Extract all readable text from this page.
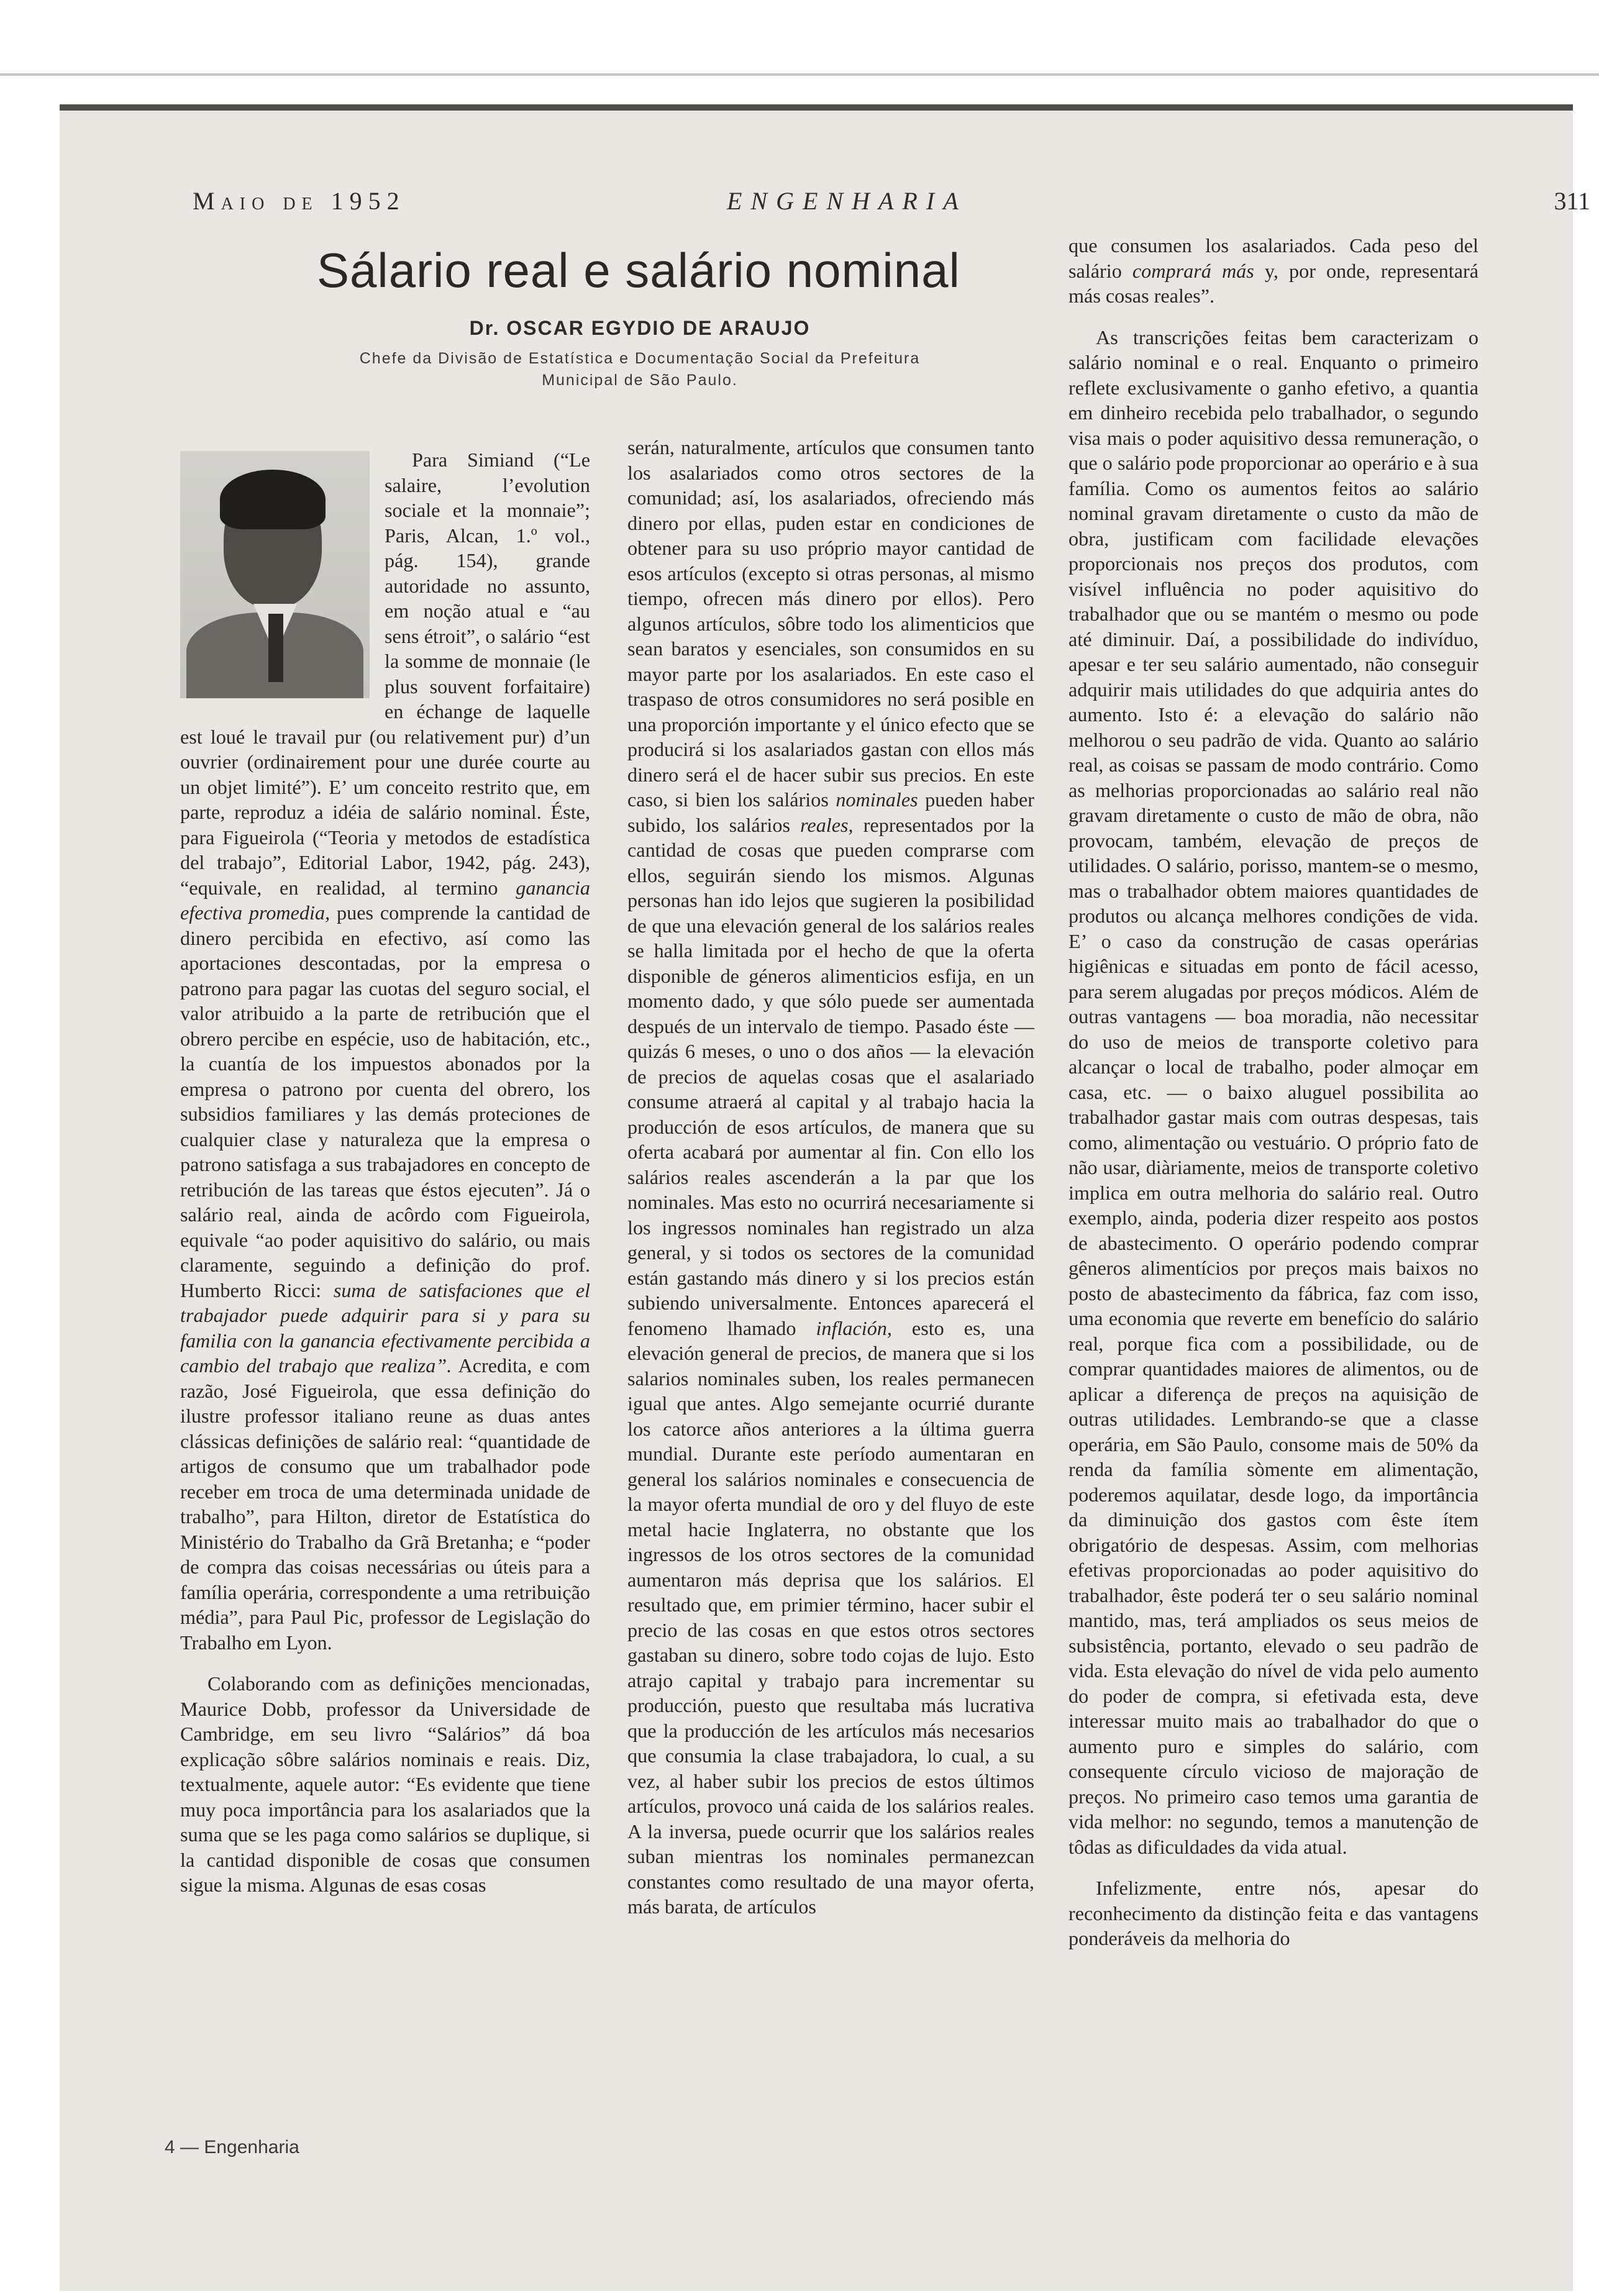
Maio de 1952	ENGENHARIA	311
Sálario real e salário nominal
Dr. OSCAR EGYDIO DE ARAUJO
Chefe da Divisão de Estatística e Documentação Social da Prefeitura Municipal de São Paulo.

Para Simiand (“Le salaire, l’evolution sociale et la monnaie”; Paris, Alcan, 1.º vol., pág. 154), grande autoridade no assunto, em noção atual e “au sens étroit”, o salário “est la somme de monnaie (le plus souvent forfaitaire) en échange de laquelle est loué le travail pur (ou relativement pur) d’un ouvrier (ordinairement pour une durée courte au un objet limité”). E’ um conceito restrito que, em parte, reproduz a idéia de salário nominal. Éste, para Figueirola (“Teoria y metodos de estadística del trabajo”, Editorial Labor, 1942, pág. 243), “equivale, en realidad, al termino ganancia efectiva promedia, pues comprende la cantidad de dinero percibida en efectivo, así como las aportaciones descontadas, por la empresa o patrono para pagar las cuotas del seguro social, el valor atribuido a la parte de retribución que el obrero percibe en espécie, uso de habitación, etc., la cuantía de los impuestos abonados por la empresa o patrono por cuenta del obrero, los subsidios familiares y las demás proteciones de cualquier clase y naturaleza que la empresa o patrono satisfaga a sus trabajadores en concepto de retribución de las tareas que éstos ejecuten”. Já o salário real, ainda de acôrdo com Figueirola, equivale “ao poder aquisitivo do salário, ou mais claramente, seguindo a definição do prof. Humberto Ricci: suma de satisfaciones que el trabajador puede adquirir para si y para su familia con la ganancia efectivamente percibida a cambio del trabajo que realiza”. Acredita, e com razão, José Figueirola, que essa definição do ilustre professor italiano reune as duas antes clássicas definições de salário real: “quantidade de artigos de consumo que um trabalhador pode receber em troca de uma determinada unidade de trabalho”, para Hilton, diretor de Estatística do Ministério do Trabalho da Grã Bretanha; e “poder de compra das coisas necessárias ou úteis para a família operária, correspondente a uma retribuição média”, para Paul Pic, professor de Legislação do Trabalho em Lyon.

Colaborando com as definições mencionadas, Maurice Dobb, professor da Universidade de Cambridge, em seu livro “Salários” dá boa explicação sôbre salários nominais e reais. Diz, textualmente, aquele autor: “Es evidente que tiene muy poca importância para los asalariados que la suma que se les paga como salários se duplique, si la cantidad disponible de cosas que consumen sigue la misma. Algunas de esas cosas

serán, naturalmente, artículos que consumen tanto los asalariados como otros sectores de la comunidad; así, los asalariados, ofreciendo más dinero por ellas, puden estar en condiciones de obtener para su uso próprio mayor cantidad de esos artículos (excepto si otras personas, al mismo tiempo, ofrecen más dinero por ellos). Pero algunos artículos, sôbre todo los alimenticios que sean baratos y esenciales, son consumidos en su mayor parte por los asalariados. En este caso el traspaso de otros consumidores no será posible en una proporción importante y el único efecto que se producirá si los asalariados gastan con ellos más dinero será el de hacer subir sus precios. En este caso, si bien los salários nominales pueden haber subido, los salários reales, representados por la cantidad de cosas que pueden comprarse com ellos, seguirán siendo los mismos. Algunas personas han ido lejos que sugieren la posibilidad de que una elevación general de los salários reales se halla limitada por el hecho de que la oferta disponible de géneros alimenticios esfija, en un momento dado, y que sólo puede ser aumentada después de un intervalo de tiempo. Pasado éste — quizás 6 meses, o uno o dos años — la elevación de precios de aquelas cosas que el asalariado consume atraerá al capital y al trabajo hacia la producción de esos artículos, de manera que su oferta acabará por aumentar al fin. Con ello los salários reales ascenderán a la par que los nominales. Mas esto no ocurrirá necesariamente si los ingressos nominales han registrado un alza general, y si todos os sectores de la comunidad están gastando más dinero y si los precios están subiendo universalmente. Entonces aparecerá el fenomeno lhamado inflación, esto es, una elevación general de precios, de manera que si los salarios nominales suben, los reales permanecen igual que antes. Algo semejante ocurrié durante los catorce años anteriores a la última guerra mundial. Durante este período aumentaran en general los salários nominales e consecuencia de la mayor oferta mundial de oro y del fluyo de este metal hacie Inglaterra, no obstante que los ingressos de los otros sectores de la comunidad aumentaron más deprisa que los salários. El resultado que, em primier término, hacer subir el precio de las cosas en que estos otros sectores gastaban su dinero, sobre todo cojas de lujo. Esto atrajo capital y trabajo para incrementar su producción, puesto que resultaba más lucrativa que la producción de les artículos más necesarios que consumia la clase trabajadora, lo cual, a su vez, al haber subir los precios de estos últimos artículos, provoco uná caida de los salários reales. A la inversa, puede ocurrir que los salários reales suban mientras los nominales permanezcan constantes como resultado de una mayor oferta, más barata, de artículos

que consumen los asalariados. Cada peso del salário comprará más y, por onde, representará más cosas reales”.

As transcrições feitas bem caracterizam o salário nominal e o real. Enquanto o primeiro reflete exclusivamente o ganho efetivo, a quantia em dinheiro recebida pelo trabalhador, o segundo visa mais o poder aquisitivo dessa remuneração, o que o salário pode proporcionar ao operário e à sua família. Como os aumentos feitos ao salário nominal gravam diretamente o custo da mão de obra, justificam com facilidade elevações proporcionais nos preços dos produtos, com visível influência no poder aquisitivo do trabalhador que ou se mantém o mesmo ou pode até diminuir. Daí, a possibilidade do indivíduo, apesar e ter seu salário aumentado, não conseguir adquirir mais utilidades do que adquiria antes do aumento. Isto é: a elevação do salário não melhorou o seu padrão de vida. Quanto ao salário real, as coisas se passam de modo contrário. Como as melhorias proporcionadas ao salário real não gravam diretamente o custo de mão de obra, não provocam, também, elevação de preços de utilidades. O salário, porisso, mantem-se o mesmo, mas o trabalhador obtem maiores quantidades de produtos ou alcança melhores condições de vida. E’ o caso da construção de casas operárias higiênicas e situadas em ponto de fácil acesso, para serem alugadas por preços módicos. Além de outras vantagens — boa moradia, não necessitar do uso de meios de transporte coletivo para alcançar o local de trabalho, poder almoçar em casa, etc. — o baixo aluguel possibilita ao trabalhador gastar mais com outras despesas, tais como, alimentação ou vestuário. O próprio fato de não usar, diàriamente, meios de transporte coletivo implica em outra melhoria do salário real. Outro exemplo, ainda, poderia dizer respeito aos postos de abastecimento. O operário podendo comprar gêneros alimentícios por preços mais baixos no posto de abastecimento da fábrica, faz com isso, uma economia que reverte em benefício do salário real, porque fica com a possibilidade, ou de comprar quantidades maiores de alimentos, ou de aplicar a diferença de preços na aquisição de outras utilidades. Lembrando-se que a classe operária, em São Paulo, consome mais de 50% da renda da família sòmente em alimentação, poderemos aquilatar, desde logo, da importância da diminuição dos gastos com êste ítem obrigatório de despesas. Assim, com melhorias efetivas proporcionadas ao poder aquisitivo do trabalhador, êste poderá ter o seu salário nominal mantido, mas, terá ampliados os seus meios de subsistência, portanto, elevado o seu padrão de vida. Esta elevação do nível de vida pelo aumento do poder de compra, si efetivada esta, deve interessar muito mais ao trabalhador do que o aumento puro e simples do salário, com consequente círculo vicioso de majoração de preços. No primeiro caso temos uma garantia de vida melhor: no segundo, temos a manutenção de tôdas as dificuldades da vida atual.

Infelizmente, entre nós, apesar do reconhecimento da distinção feita e das vantagens ponderáveis da melhoria do

4 — Engenharia
